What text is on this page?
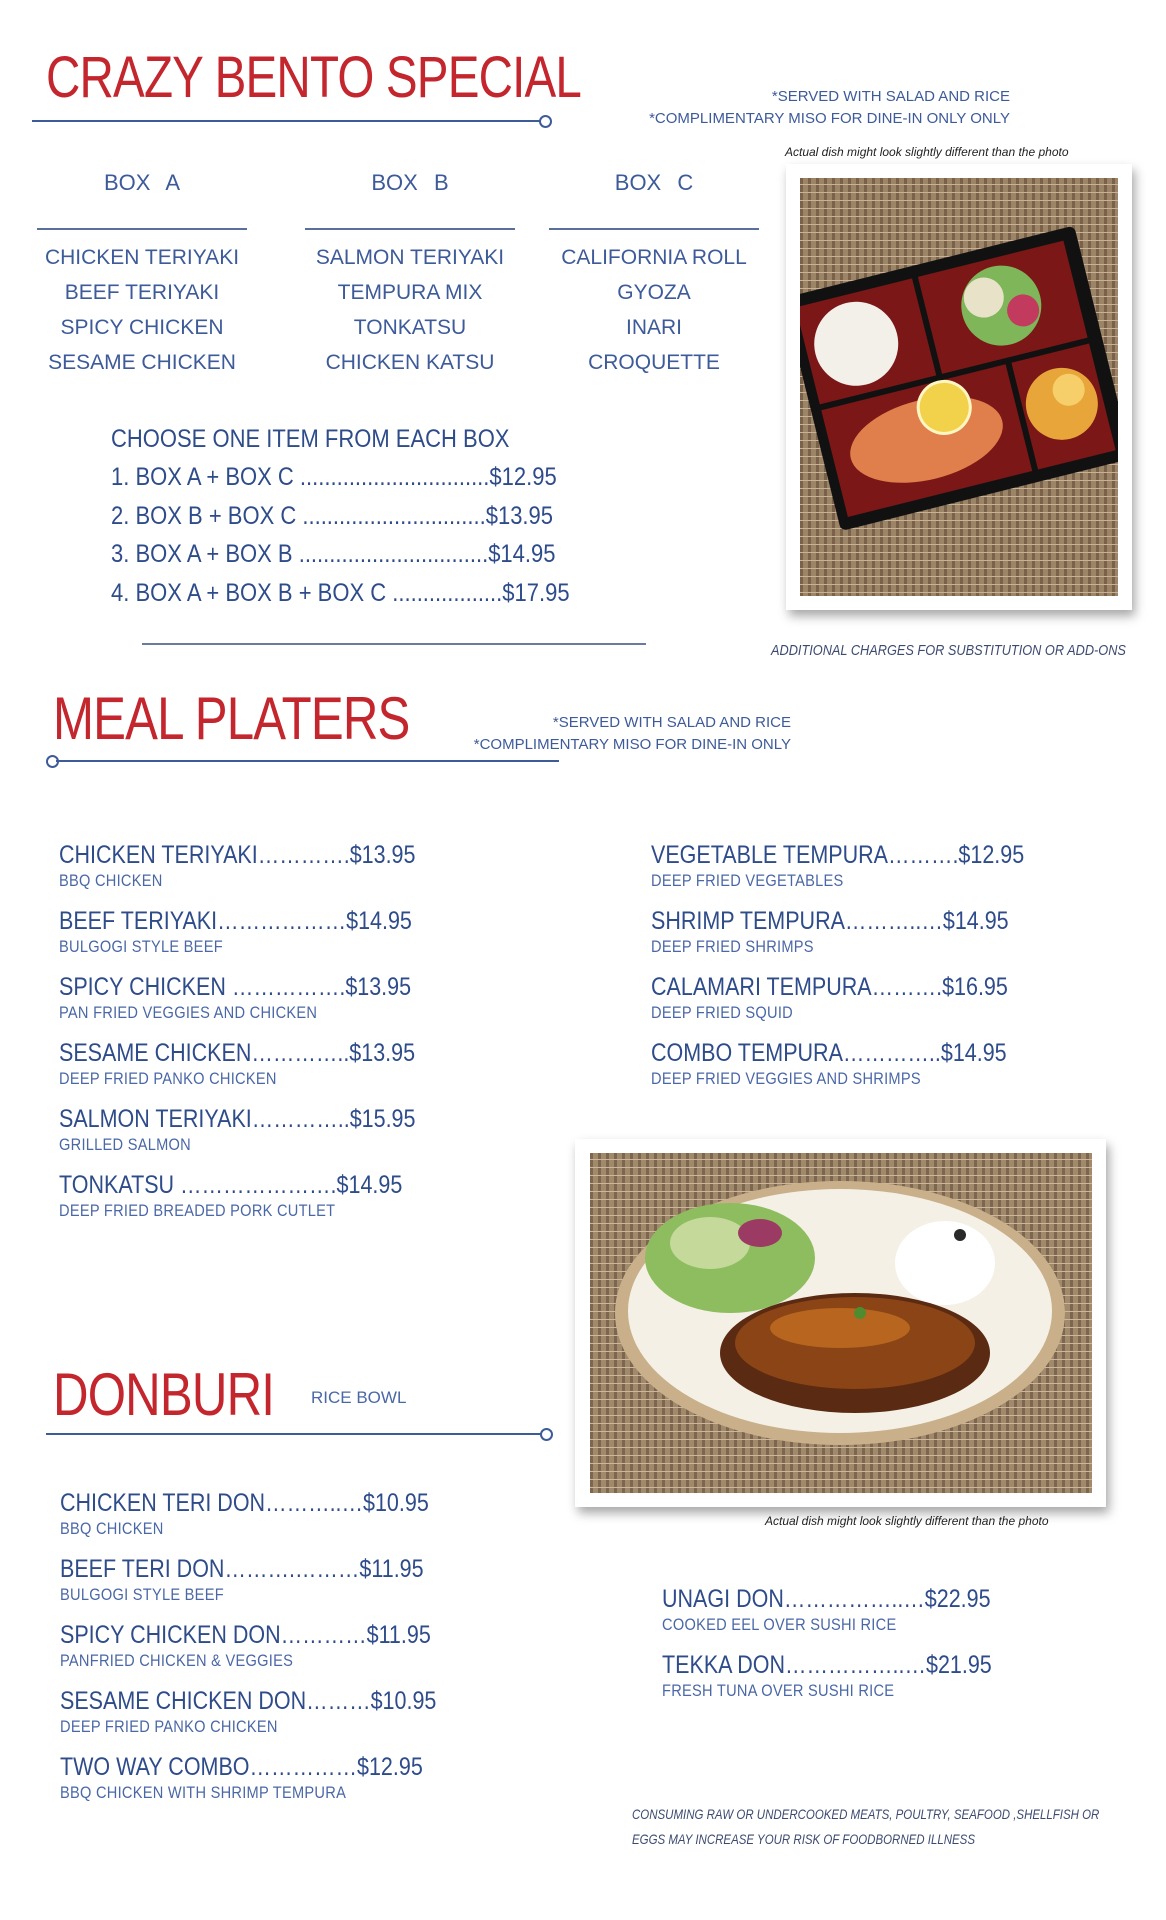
CRAZY BENTO SPECIAL	*SERVED WITH SALAD AND RICE
*COMPLIMENTARY MISO FOR DINE-IN ONLY ONLY
BOX A
CHICKEN TERIYAKI
BEEF TERIYAKI
SPICY CHICKEN
SESAME CHICKEN
BOX B
SALMON TERIYAKI
TEMPURA MIX
TONKATSU
CHICKEN KATSU
BOX C
CALIFORNIA ROLL
GYOZA
INARI
CROQUETTE
CHOOSE ONE ITEM FROM EACH BOX
1. BOX A + BOX C ...............................$12.95
2. BOX B + BOX C ..............................$13.95
3. BOX A + BOX B ...............................$14.95
4. BOX A + BOX B + BOX C ..................$17.95
Actual dish might look slightly different than the photo
ADDITIONAL CHARGES FOR SUBSTITUTION OR ADD-ONS
MEAL PLATERS	*SERVED WITH SALAD AND RICE
*COMPLIMENTARY MISO FOR DINE-IN ONLY
CHICKEN TERIYAKI………….$13.95
BBQ CHICKEN
BEEF TERIYAKI………………$14.95
BULGOGI STYLE BEEF
SPICY CHICKEN …………….$13.95
PAN FRIED VEGGIES AND CHICKEN
SESAME CHICKEN…………..$13.95
DEEP FRIED PANKO CHICKEN
SALMON TERIYAKI…………..$15.95
GRILLED SALMON
TONKATSU ………………….$14.95
DEEP FRIED BREADED PORK CUTLET
VEGETABLE TEMPURA……….$12.95
DEEP FRIED VEGETABLES
SHRIMP TEMPURA………..…$14.95
DEEP FRIED SHRIMPS
CALAMARI TEMPURA……….$16.95
DEEP FRIED SQUID
COMBO TEMPURA…………..$14.95
DEEP FRIED VEGGIES AND SHRIMPS
Actual dish might look slightly different than the photo
DONBURI RICE BOWL
CHICKEN TERI DON………..…$10.95
BBQ CHICKEN
BEEF TERI DON……….………$11.95
BULGOGI STYLE BEEF
SPICY CHICKEN DON…………$11.95
PANFRIED CHICKEN & VEGGIES
SESAME CHICKEN DON………$10.95
DEEP FRIED PANKO CHICKEN
TWO WAY COMBO……………$12.95
BBQ CHICKEN WITH SHRIMP TEMPURA
UNAGI DON……………..…$22.95
COOKED EEL OVER SUSHI RICE
TEKKA DON……………..…$21.95
FRESH TUNA OVER SUSHI RICE
CONSUMING RAW OR UNDERCOOKED MEATS, POULTRY, SEAFOOD ,SHELLFISH OR
EGGS MAY INCREASE YOUR RISK OF FOODBORNED ILLNESS
